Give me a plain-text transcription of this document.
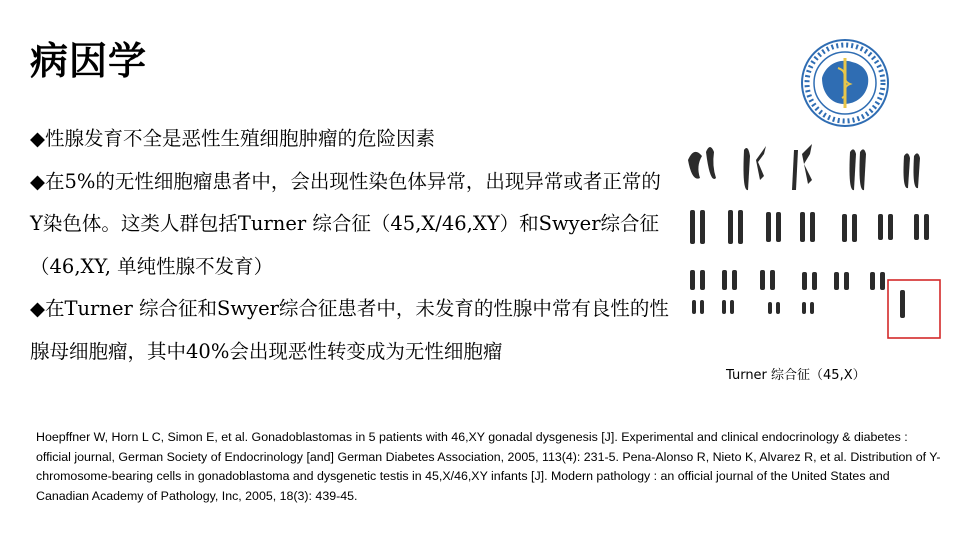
病因学

◆性腺发育不全是恶性生殖细胞肿瘤的危险因素

◆在5%的无性细胞瘤患者中，会出现性染色体异常，出现异常或者正常的Y染色体。这类人群包括Turner 综合征（45,X/46,XY）和Swyer综合征（46,XY, 单纯性腺不发育）

◆在Turner 综合征和Swyer综合征患者中，未发育的性腺中常有良性的性腺母细胞瘤，其中40%会出现恶性转变成为无性细胞瘤

Turner 综合征（45,X）
Hoepffner W, Horn L C, Simon E, et al. Gonadoblastomas in 5 patients with 46,XY gonadal dysgenesis [J]. Experimental and clinical endocrinology & diabetes : official journal, German Society of Endocrinology [and] German Diabetes Association, 2005, 113(4): 231-5. Pena-Alonso R, Nieto K, Alvarez R, et al. Distribution of Y-chromosome-bearing cells in gonadoblastoma and dysgenetic testis in 45,X/46,XY infants [J]. Modern pathology : an official journal of the United States and Canadian Academy of Pathology, Inc, 2005, 18(3): 439-45.
